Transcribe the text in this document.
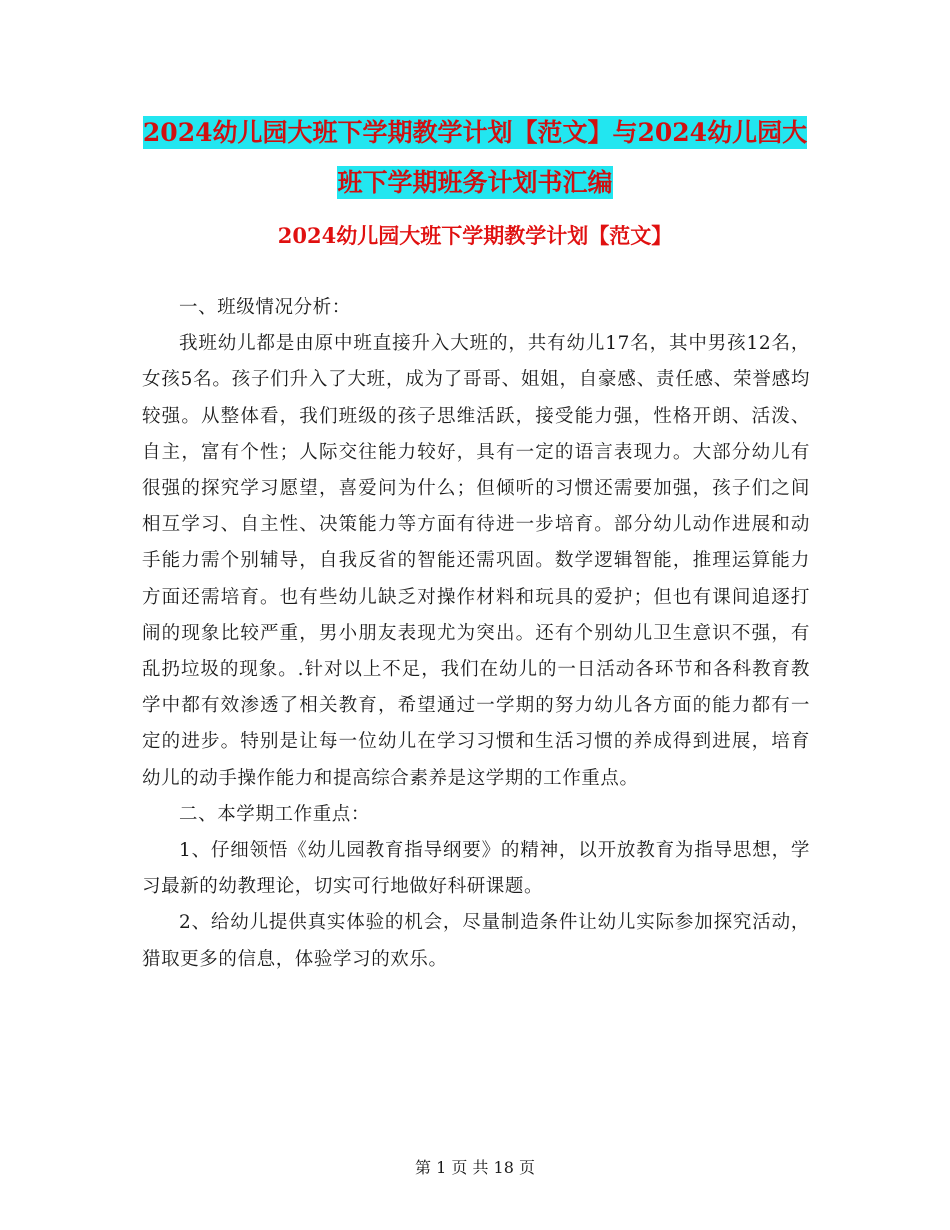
2024幼儿园大班下学期教学计划【范文】与2024幼儿园大班下学期班务计划书汇编
2024幼儿园大班下学期教学计划【范文】

一、班级情况分析：

我班幼儿都是由原中班直接升入大班的，共有幼儿17名，其中男孩12名，女孩5名。孩子们升入了大班，成为了哥哥、姐姐，自豪感、责任感、荣誉感均较强。从整体看，我们班级的孩子思维活跃，接受能力强，性格开朗、活泼、自主，富有个性；人际交往能力较好，具有一定的语言表现力。大部分幼儿有很强的探究学习愿望，喜爱问为什么；但倾听的习惯还需要加强，孩子们之间相互学习、自主性、决策能力等方面有待进一步培育。部分幼儿动作进展和动手能力需个别辅导，自我反省的智能还需巩固。数学逻辑智能，推理运算能力方面还需培育。也有些幼儿缺乏对操作材料和玩具的爱护；但也有课间追逐打闹的现象比较严重，男小朋友表现尤为突出。还有个别幼儿卫生意识不强，有乱扔垃圾的现象。.针对以上不足，我们在幼儿的一日活动各环节和各科教育教学中都有效渗透了相关教育，希望通过一学期的努力幼儿各方面的能力都有一定的进步。特别是让每一位幼儿在学习习惯和生活习惯的养成得到进展，培育幼儿的动手操作能力和提高综合素养是这学期的工作重点。

二、本学期工作重点：

1、仔细领悟《幼儿园教育指导纲要》的精神，以开放教育为指导思想，学习最新的幼教理论，切实可行地做好科研课题。

2、给幼儿提供真实体验的机会，尽量制造条件让幼儿实际参加探究活动，猎取更多的信息，体验学习的欢乐。

第 1 页 共 18 页
